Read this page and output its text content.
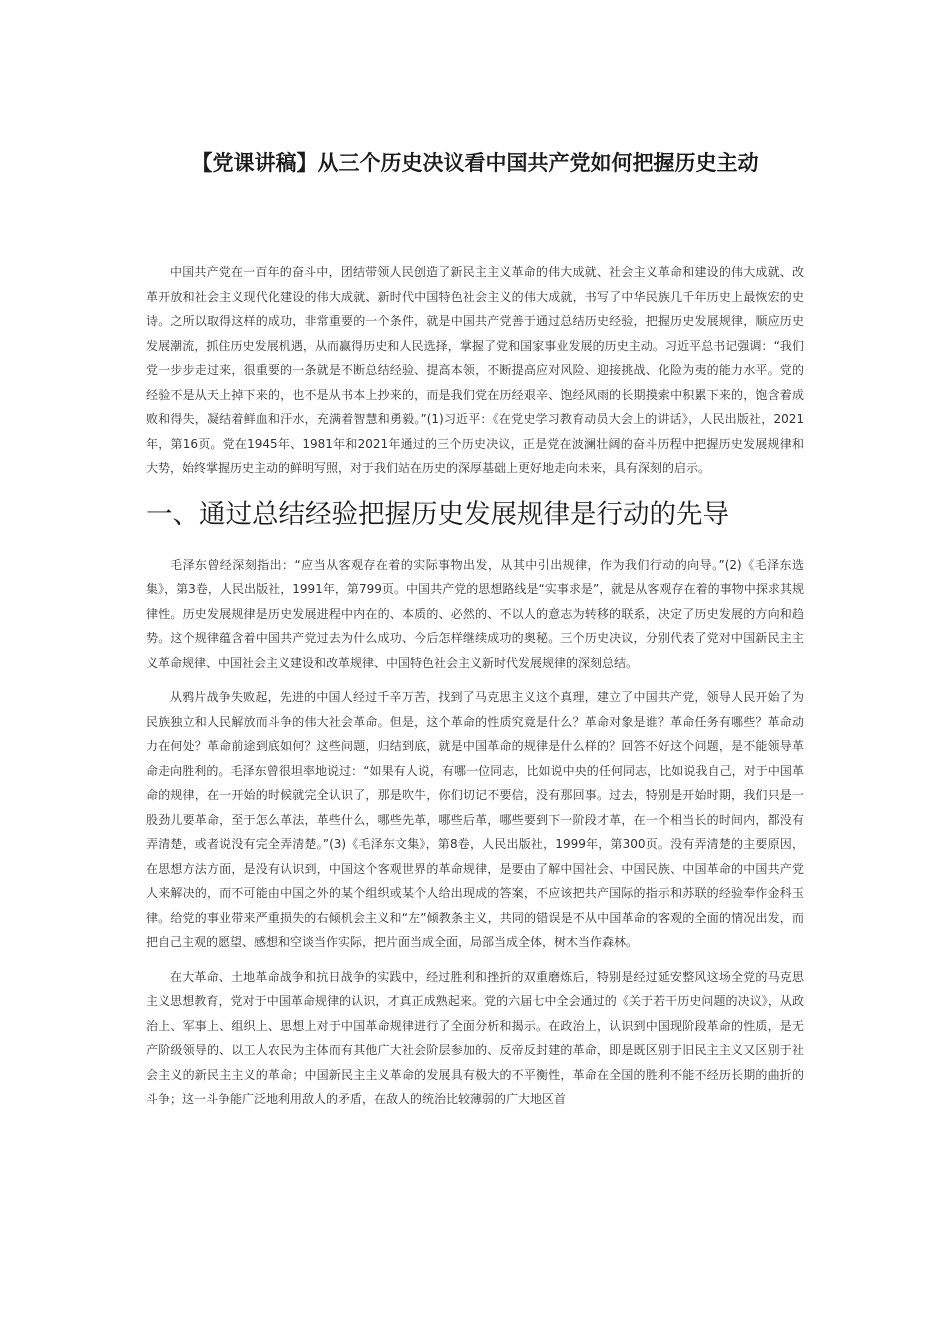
【党课讲稿】从三个历史决议看中国共产党如何把握历史主动

中国共产党在一百年的奋斗中，团结带领人民创造了新民主主义革命的伟大成就、社会主义革命和建设的伟大成就、改革开放和社会主义现代化建设的伟大成就、新时代中国特色社会主义的伟大成就，书写了中华民族几千年历史上最恢宏的史诗。之所以取得这样的成功，非常重要的一个条件，就是中国共产党善于通过总结历史经验，把握历史发展规律，顺应历史发展潮流，抓住历史发展机遇，从而赢得历史和人民选择，掌握了党和国家事业发展的历史主动。习近平总书记强调：“我们党一步步走过来，很重要的一条就是不断总结经验、提高本领，不断提高应对风险、迎接挑战、化险为夷的能力水平。党的经验不是从天上掉下来的，也不是从书本上抄来的，而是我们党在历经艰辛、饱经风雨的长期摸索中积累下来的，饱含着成败和得失，凝结着鲜血和汗水，充满着智慧和勇毅。”(1)习近平：《在党史学习教育动员大会上的讲话》，人民出版社，2021年，第16页。党在1945年、1981年和2021年通过的三个历史决议，正是党在波澜壮阔的奋斗历程中把握历史发展规律和大势，始终掌握历史主动的鲜明写照，对于我们站在历史的深厚基础上更好地走向未来，具有深刻的启示。

一、通过总结经验把握历史发展规律是行动的先导

毛泽东曾经深刻指出：“应当从客观存在着的实际事物出发，从其中引出规律，作为我们行动的向导。”(2)《毛泽东选集》，第3卷，人民出版社，1991年，第799页。中国共产党的思想路线是“实事求是”，就是从客观存在着的事物中探求其规律性。历史发展规律是历史发展进程中内在的、本质的、必然的、不以人的意志为转移的联系，决定了历史发展的方向和趋势。这个规律蕴含着中国共产党过去为什么成功、今后怎样继续成功的奥秘。三个历史决议，分别代表了党对中国新民主主义革命规律、中国社会主义建设和改革规律、中国特色社会主义新时代发展规律的深刻总结。

从鸦片战争失败起，先进的中国人经过千辛万苦，找到了马克思主义这个真理，建立了中国共产党，领导人民开始了为民族独立和人民解放而斗争的伟大社会革命。但是，这个革命的性质究竟是什么？革命对象是谁？革命任务有哪些？革命动力在何处？革命前途到底如何？这些问题，归结到底，就是中国革命的规律是什么样的？回答不好这个问题，是不能领导革命走向胜利的。毛泽东曾很坦率地说过：“如果有人说，有哪一位同志，比如说中央的任何同志，比如说我自己，对于中国革命的规律，在一开始的时候就完全认识了，那是吹牛，你们切记不要信，没有那回事。过去，特别是开始时期，我们只是一股劲儿要革命，至于怎么革法，革些什么，哪些先革，哪些后革，哪些要到下一阶段才革，在一个相当长的时间内，都没有弄清楚，或者说没有完全弄清楚。”(3)《毛泽东文集》，第8卷，人民出版社，1999年，第300页。没有弄清楚的主要原因，在思想方法方面，是没有认识到，中国这个客观世界的革命规律，是要由了解中国社会、中国民族、中国革命的中国共产党人来解决的，而不可能由中国之外的某个组织或某个人给出现成的答案，不应该把共产国际的指示和苏联的经验奉作金科玉律。给党的事业带来严重损失的右倾机会主义和“左”倾教条主义，共同的错误是不从中国革命的客观的全面的情况出发，而把自己主观的愿望、感想和空谈当作实际，把片面当成全面，局部当成全体，树木当作森林。

在大革命、土地革命战争和抗日战争的实践中，经过胜利和挫折的双重磨炼后，特别是经过延安整风这场全党的马克思主义思想教育，党对于中国革命规律的认识，才真正成熟起来。党的六届七中全会通过的《关于若干历史问题的决议》，从政治上、军事上、组织上、思想上对于中国革命规律进行了全面分析和揭示。在政治上，认识到中国现阶段革命的性质，是无产阶级领导的、以工人农民为主体而有其他广大社会阶层参加的、反帝反封建的革命，即是既区别于旧民主主义又区别于社会主义的新民主主义的革命；中国新民主主义革命的发展具有极大的不平衡性，革命在全国的胜利不能不经历长期的曲折的斗争；这一斗争能广泛地利用敌人的矛盾，在敌人的统治比较薄弱的广大地区首
